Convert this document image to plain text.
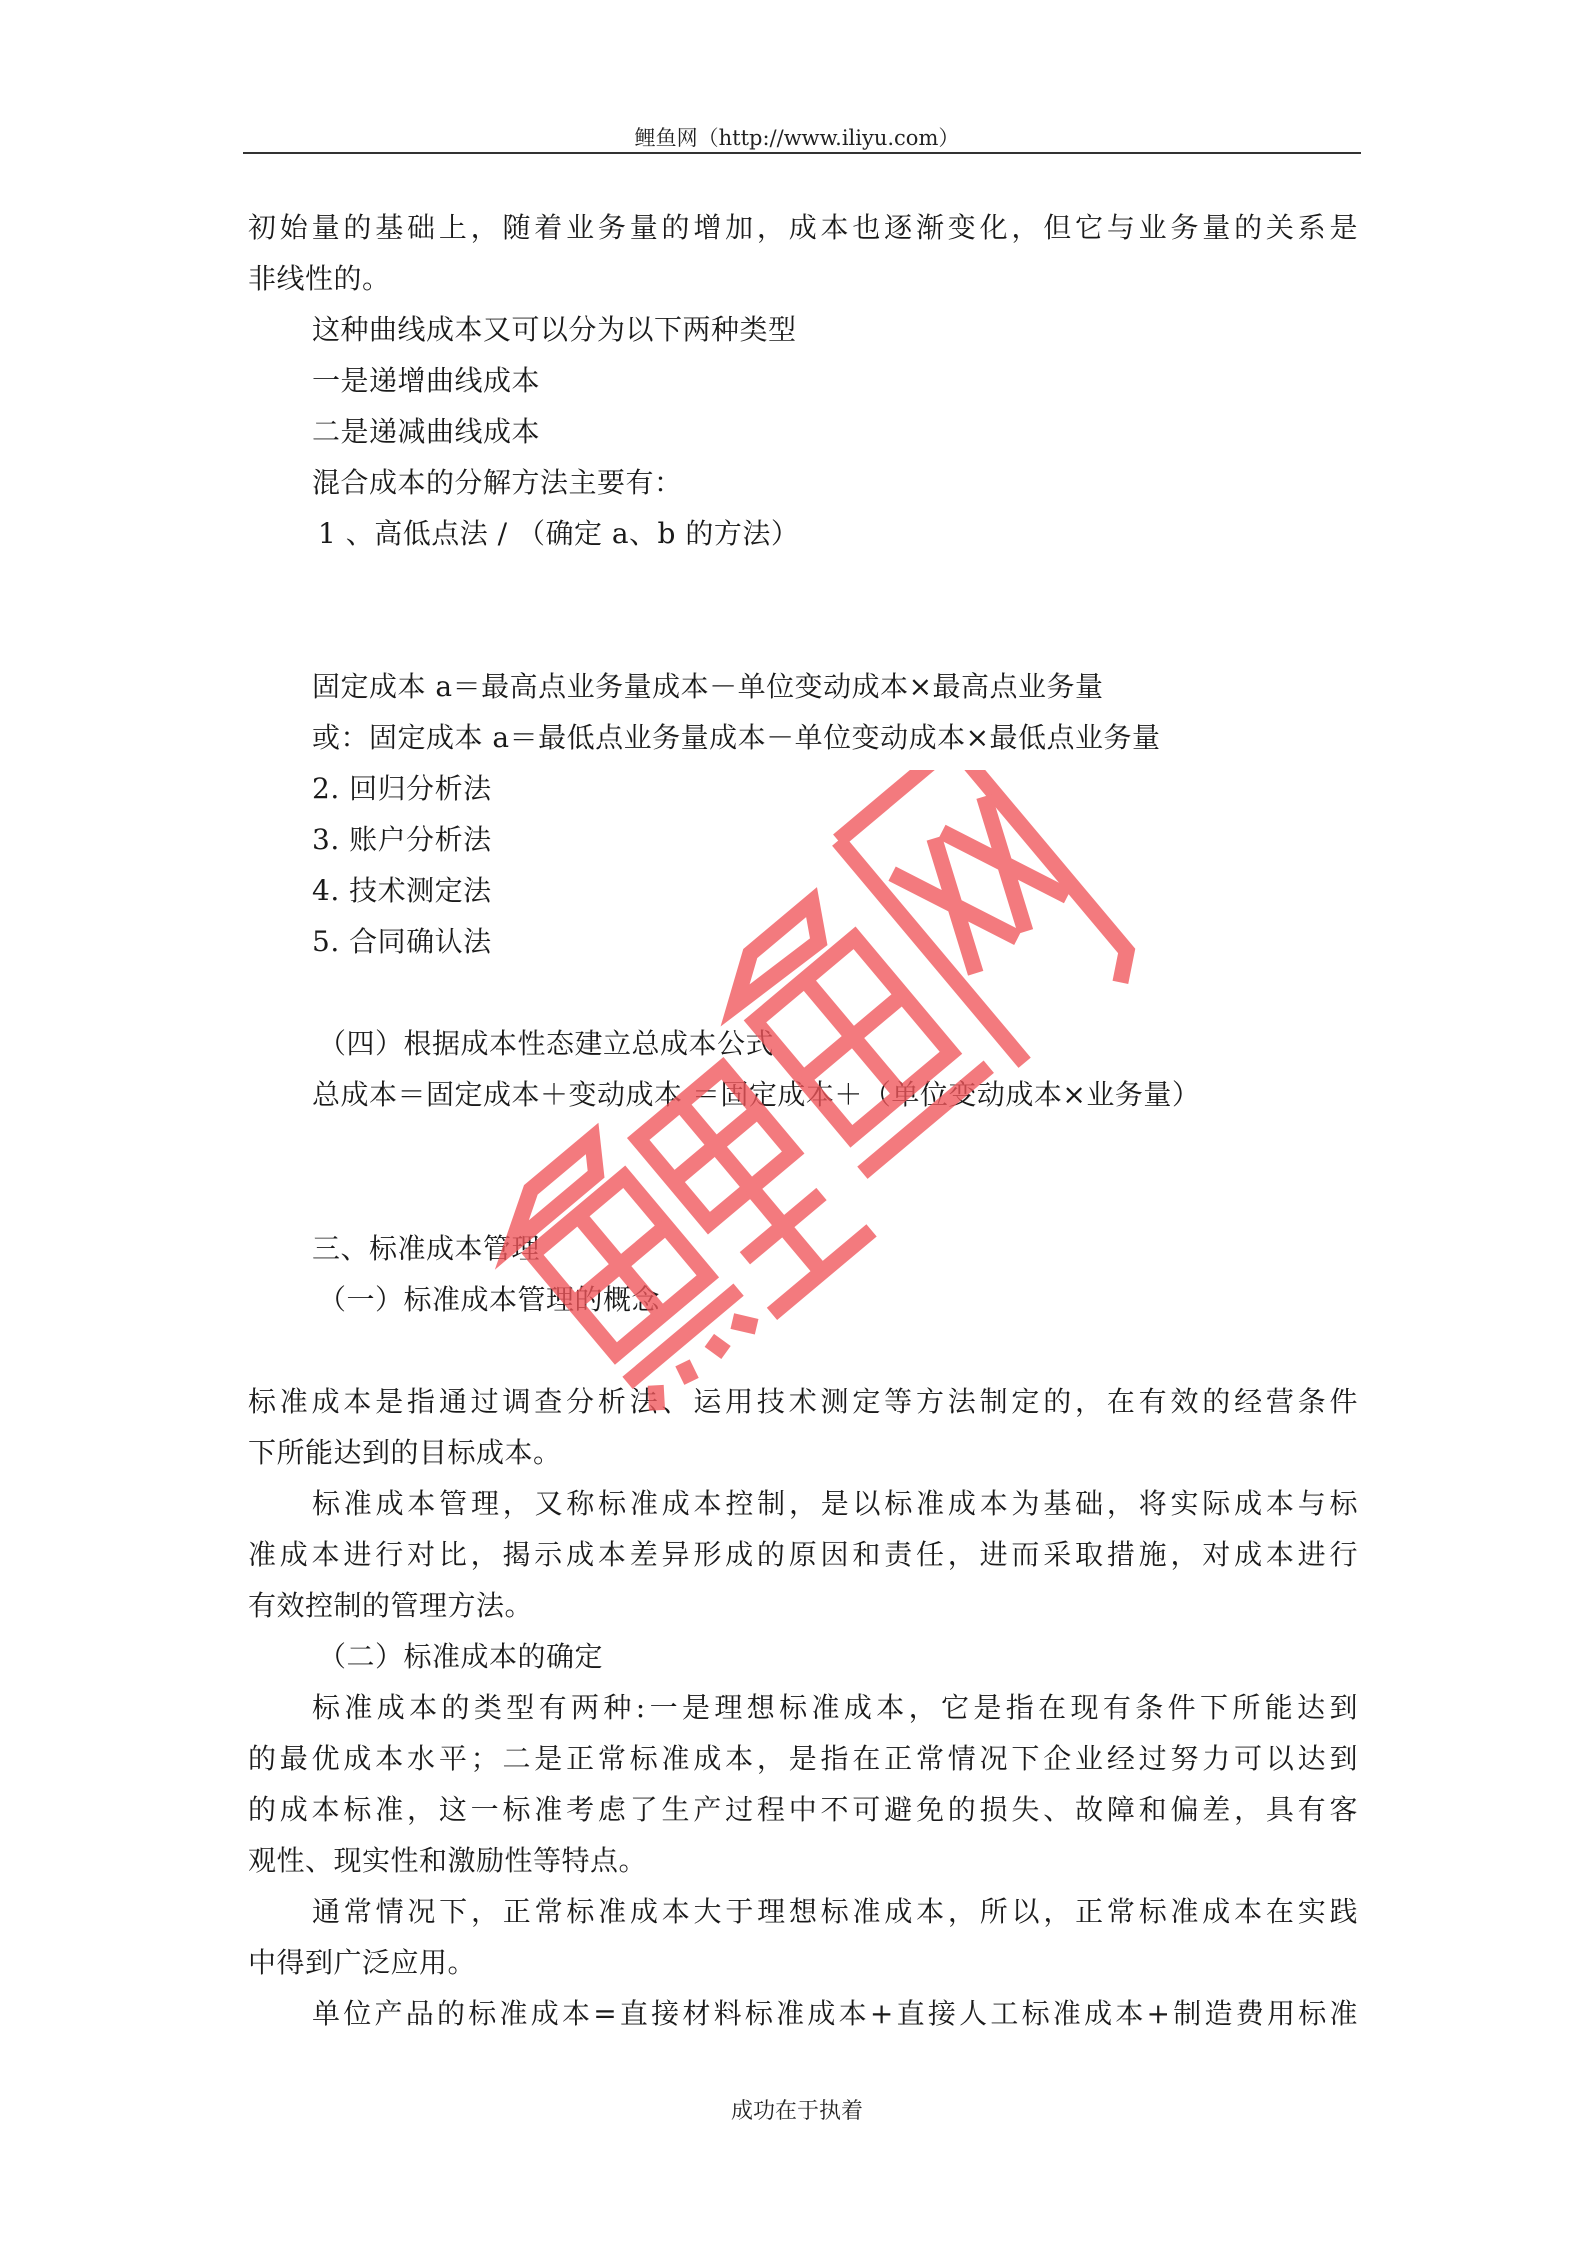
鲤鱼网（http://www.iliyu.com）
初始量的基础上，随着业务量的增加，成本也逐渐变化，但它与业务量的关系是
非线性的。
这种曲线成本又可以分为以下两种类型
一是递增曲线成本
二是递减曲线成本
混合成本的分解方法主要有：
1 、高低点法 / （确定 a、b 的方法）
固定成本 a＝最高点业务量成本－单位变动成本×最高点业务量
或：固定成本 a＝最低点业务量成本－单位变动成本×最低点业务量
2. 回归分析法
3. 账户分析法
4. 技术测定法
5. 合同确认法
（四）根据成本性态建立总成本公式
总成本＝固定成本＋变动成本 ＝固定成本＋（单位变动成本×业务量）
三、标准成本管理
（一）标准成本管理的概念
标准成本是指通过调查分析法、运用技术测定等方法制定的，在有效的经营条件
下所能达到的目标成本。
标准成本管理，又称标准成本控制，是以标准成本为基础，将实际成本与标
准成本进行对比，揭示成本差异形成的原因和责任，进而采取措施，对成本进行
有效控制的管理方法。
（二）标准成本的确定
标准成本的类型有两种:一是理想标准成本，它是指在现有条件下所能达到
的最优成本水平；二是正常标准成本，是指在正常情况下企业经过努力可以达到
的成本标准，这一标准考虑了生产过程中不可避免的损失、故障和偏差，具有客
观性、现实性和激励性等特点。
通常情况下，正常标准成本大于理想标准成本，所以，正常标准成本在实践
中得到广泛应用。
单位产品的标准成本=直接材料标准成本+直接人工标准成本+制造费用标准
成功在于执着
